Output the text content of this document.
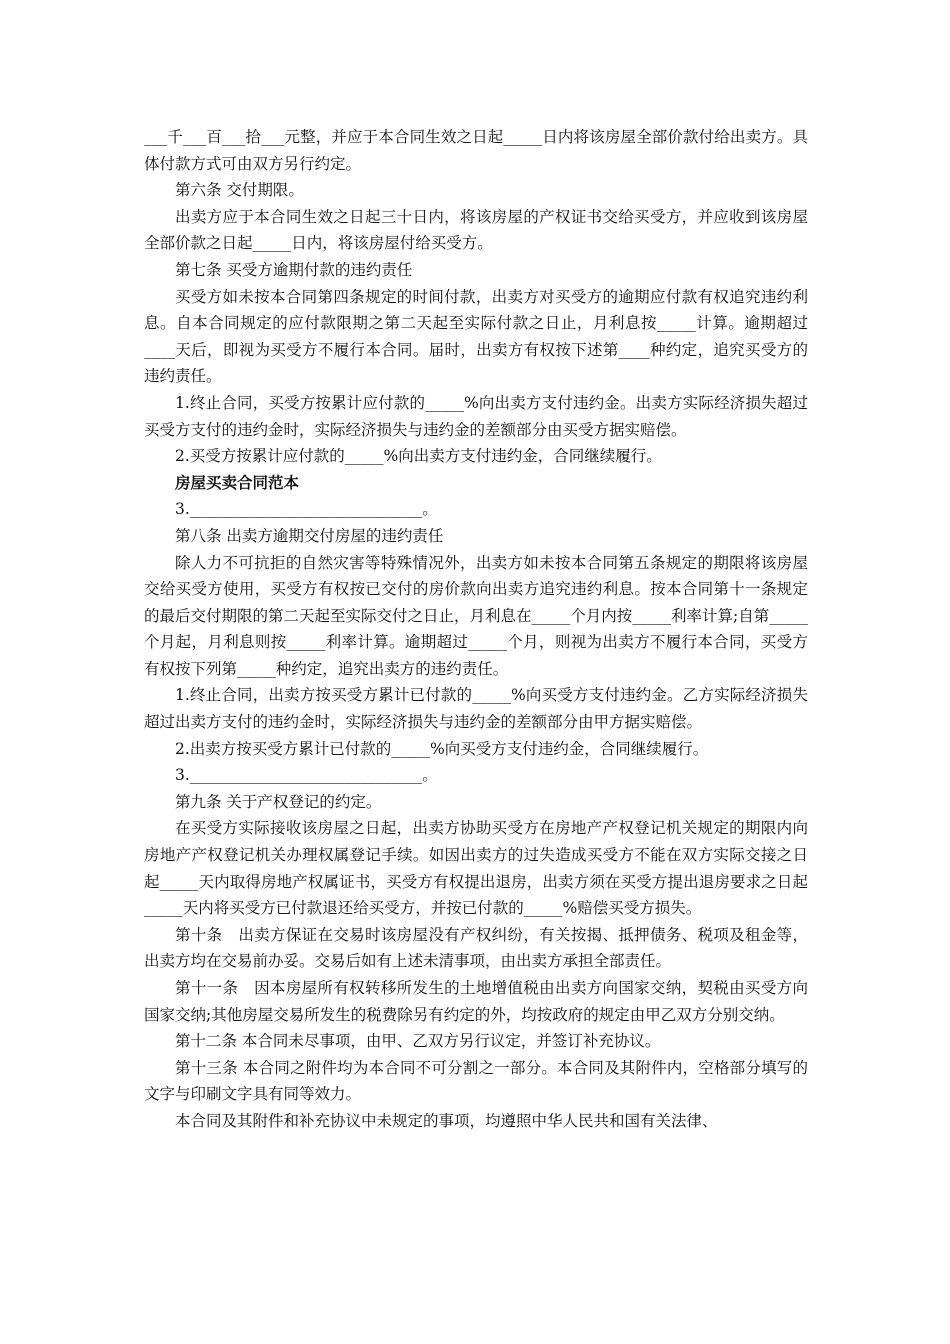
___千___百___拾___元整，并应于本合同生效之日起_____日内将该房屋全部价款付给出卖方。具体付款方式可由双方另行约定。

第六条 交付期限。

出卖方应于本合同生效之日起三十日内，将该房屋的产权证书交给买受方，并应收到该房屋全部价款之日起_____日内，将该房屋付给买受方。

第七条 买受方逾期付款的违约责任

买受方如未按本合同第四条规定的时间付款，出卖方对买受方的逾期应付款有权追究违约利息。自本合同规定的应付款限期之第二天起至实际付款之日止，月利息按_____计算。逾期超过____天后，即视为买受方不履行本合同。届时，出卖方有权按下述第____种约定，追究买受方的违约责任。

1.终止合同，买受方按累计应付款的_____%向出卖方支付违约金。出卖方实际经济损失超过买受方支付的违约金时，实际经济损失与违约金的差额部分由买受方据实赔偿。

2.买受方按累计应付款的_____%向出卖方支付违约金，合同继续履行。

房屋买卖合同范本

3.______________________________。

第八条 出卖方逾期交付房屋的违约责任

除人力不可抗拒的自然灾害等特殊情况外，出卖方如未按本合同第五条规定的期限将该房屋交给买受方使用，买受方有权按已交付的房价款向出卖方追究违约利息。按本合同第十一条规定的最后交付期限的第二天起至实际交付之日止，月利息在_____个月内按_____利率计算;自第_____个月起，月利息则按_____利率计算。逾期超过_____个月，则视为出卖方不履行本合同，买受方有权按下列第_____种约定，追究出卖方的违约责任。

1.终止合同，出卖方按买受方累计已付款的_____%向买受方支付违约金。乙方实际经济损失超过出卖方支付的违约金时，实际经济损失与违约金的差额部分由甲方据实赔偿。

2.出卖方按买受方累计已付款的_____%向买受方支付违约金，合同继续履行。

3.______________________________。

第九条 关于产权登记的约定。

在买受方实际接收该房屋之日起，出卖方协助买受方在房地产产权登记机关规定的期限内向房地产产权登记机关办理权属登记手续。如因出卖方的过失造成买受方不能在双方实际交接之日起_____天内取得房地产权属证书，买受方有权提出退房，出卖方须在买受方提出退房要求之日起_____天内将买受方已付款退还给买受方，并按已付款的_____%赔偿买受方损失。

第十条　出卖方保证在交易时该房屋没有产权纠纷，有关按揭、抵押债务、税项及租金等，出卖方均在交易前办妥。交易后如有上述未清事项，由出卖方承担全部责任。

第十一条　因本房屋所有权转移所发生的土地增值税由出卖方向国家交纳，契税由买受方向国家交纳;其他房屋交易所发生的税费除另有约定的外，均按政府的规定由甲乙双方分别交纳。

第十二条 本合同未尽事项，由甲、乙双方另行议定，并签订补充协议。

第十三条 本合同之附件均为本合同不可分割之一部分。本合同及其附件内，空格部分填写的文字与印刷文字具有同等效力。

本合同及其附件和补充协议中未规定的事项，均遵照中华人民共和国有关法律、
